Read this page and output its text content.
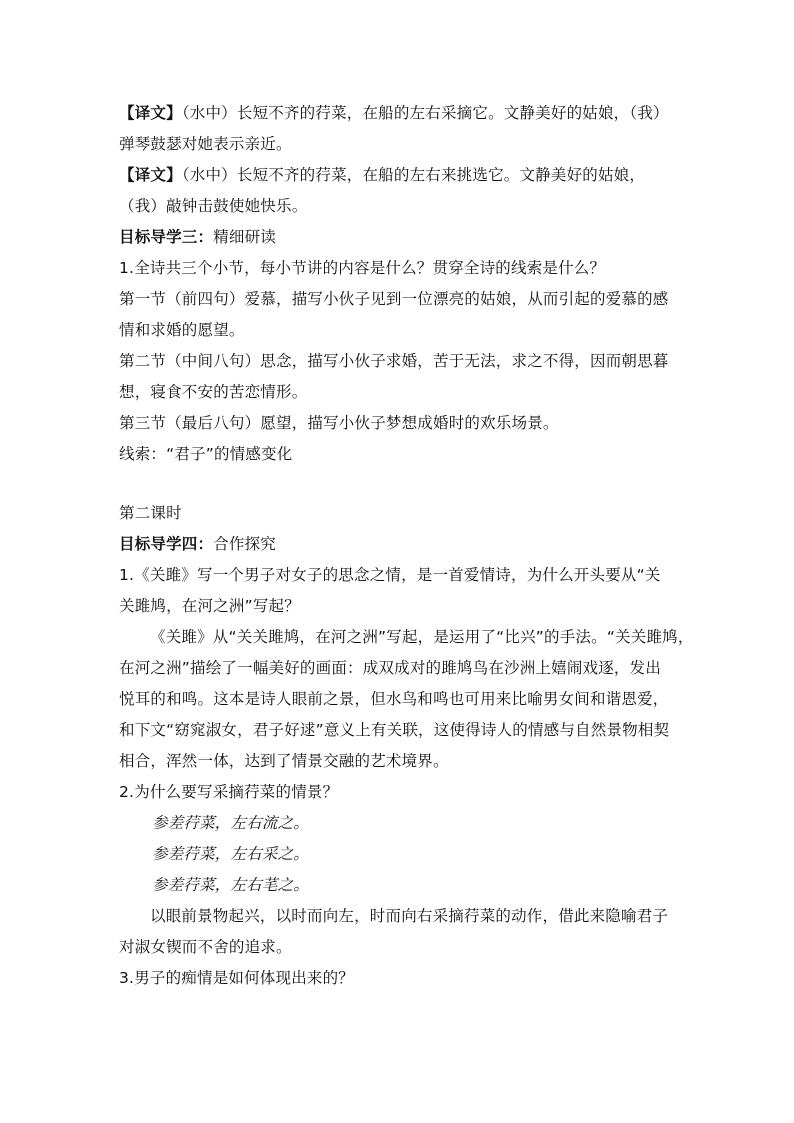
【译文】（水中）长短不齐的荇菜，在船的左右采摘它。文静美好的姑娘，（我）
弹琴鼓瑟对她表示亲近。
【译文】（水中）长短不齐的荇菜，在船的左右来挑选它。文静美好的姑娘，
（我）敲钟击鼓使她快乐。
目标导学三：精细研读
1.全诗共三个小节，每小节讲的内容是什么？贯穿全诗的线索是什么？
第一节（前四句）爱慕，描写小伙子见到一位漂亮的姑娘，从而引起的爱慕的感
情和求婚的愿望。
第二节（中间八句）思念，描写小伙子求婚，苦于无法，求之不得，因而朝思暮
想，寝食不安的苦恋情形。
第三节（最后八句）愿望，描写小伙子梦想成婚时的欢乐场景。
线索：“君子”的情感变化
第二课时
目标导学四：合作探究
1.《关雎》写一个男子对女子的思念之情，是一首爱情诗，为什么开头要从“关
关雎鸠，在河之洲”写起？
《关雎》从“关关雎鸠，在河之洲”写起，是运用了“比兴”的手法。“关关雎鸠，
在河之洲”描绘了一幅美好的画面：成双成对的雎鸠鸟在沙洲上嬉闹戏逐，发出
悦耳的和鸣。这本是诗人眼前之景，但水鸟和鸣也可用来比喻男女间和谐恩爱，
和下文“窈窕淑女，君子好逑”意义上有关联，这使得诗人的情感与自然景物相契
相合，浑然一体，达到了情景交融的艺术境界。
2.为什么要写采摘荇菜的情景？
参差荇菜，左右流之。
参差荇菜，左右采之。
参差荇菜，左右芼之。
以眼前景物起兴，以时而向左，时而向右采摘荇菜的动作，借此来隐喻君子
对淑女锲而不舍的追求。
3.男子的痴情是如何体现出来的？
